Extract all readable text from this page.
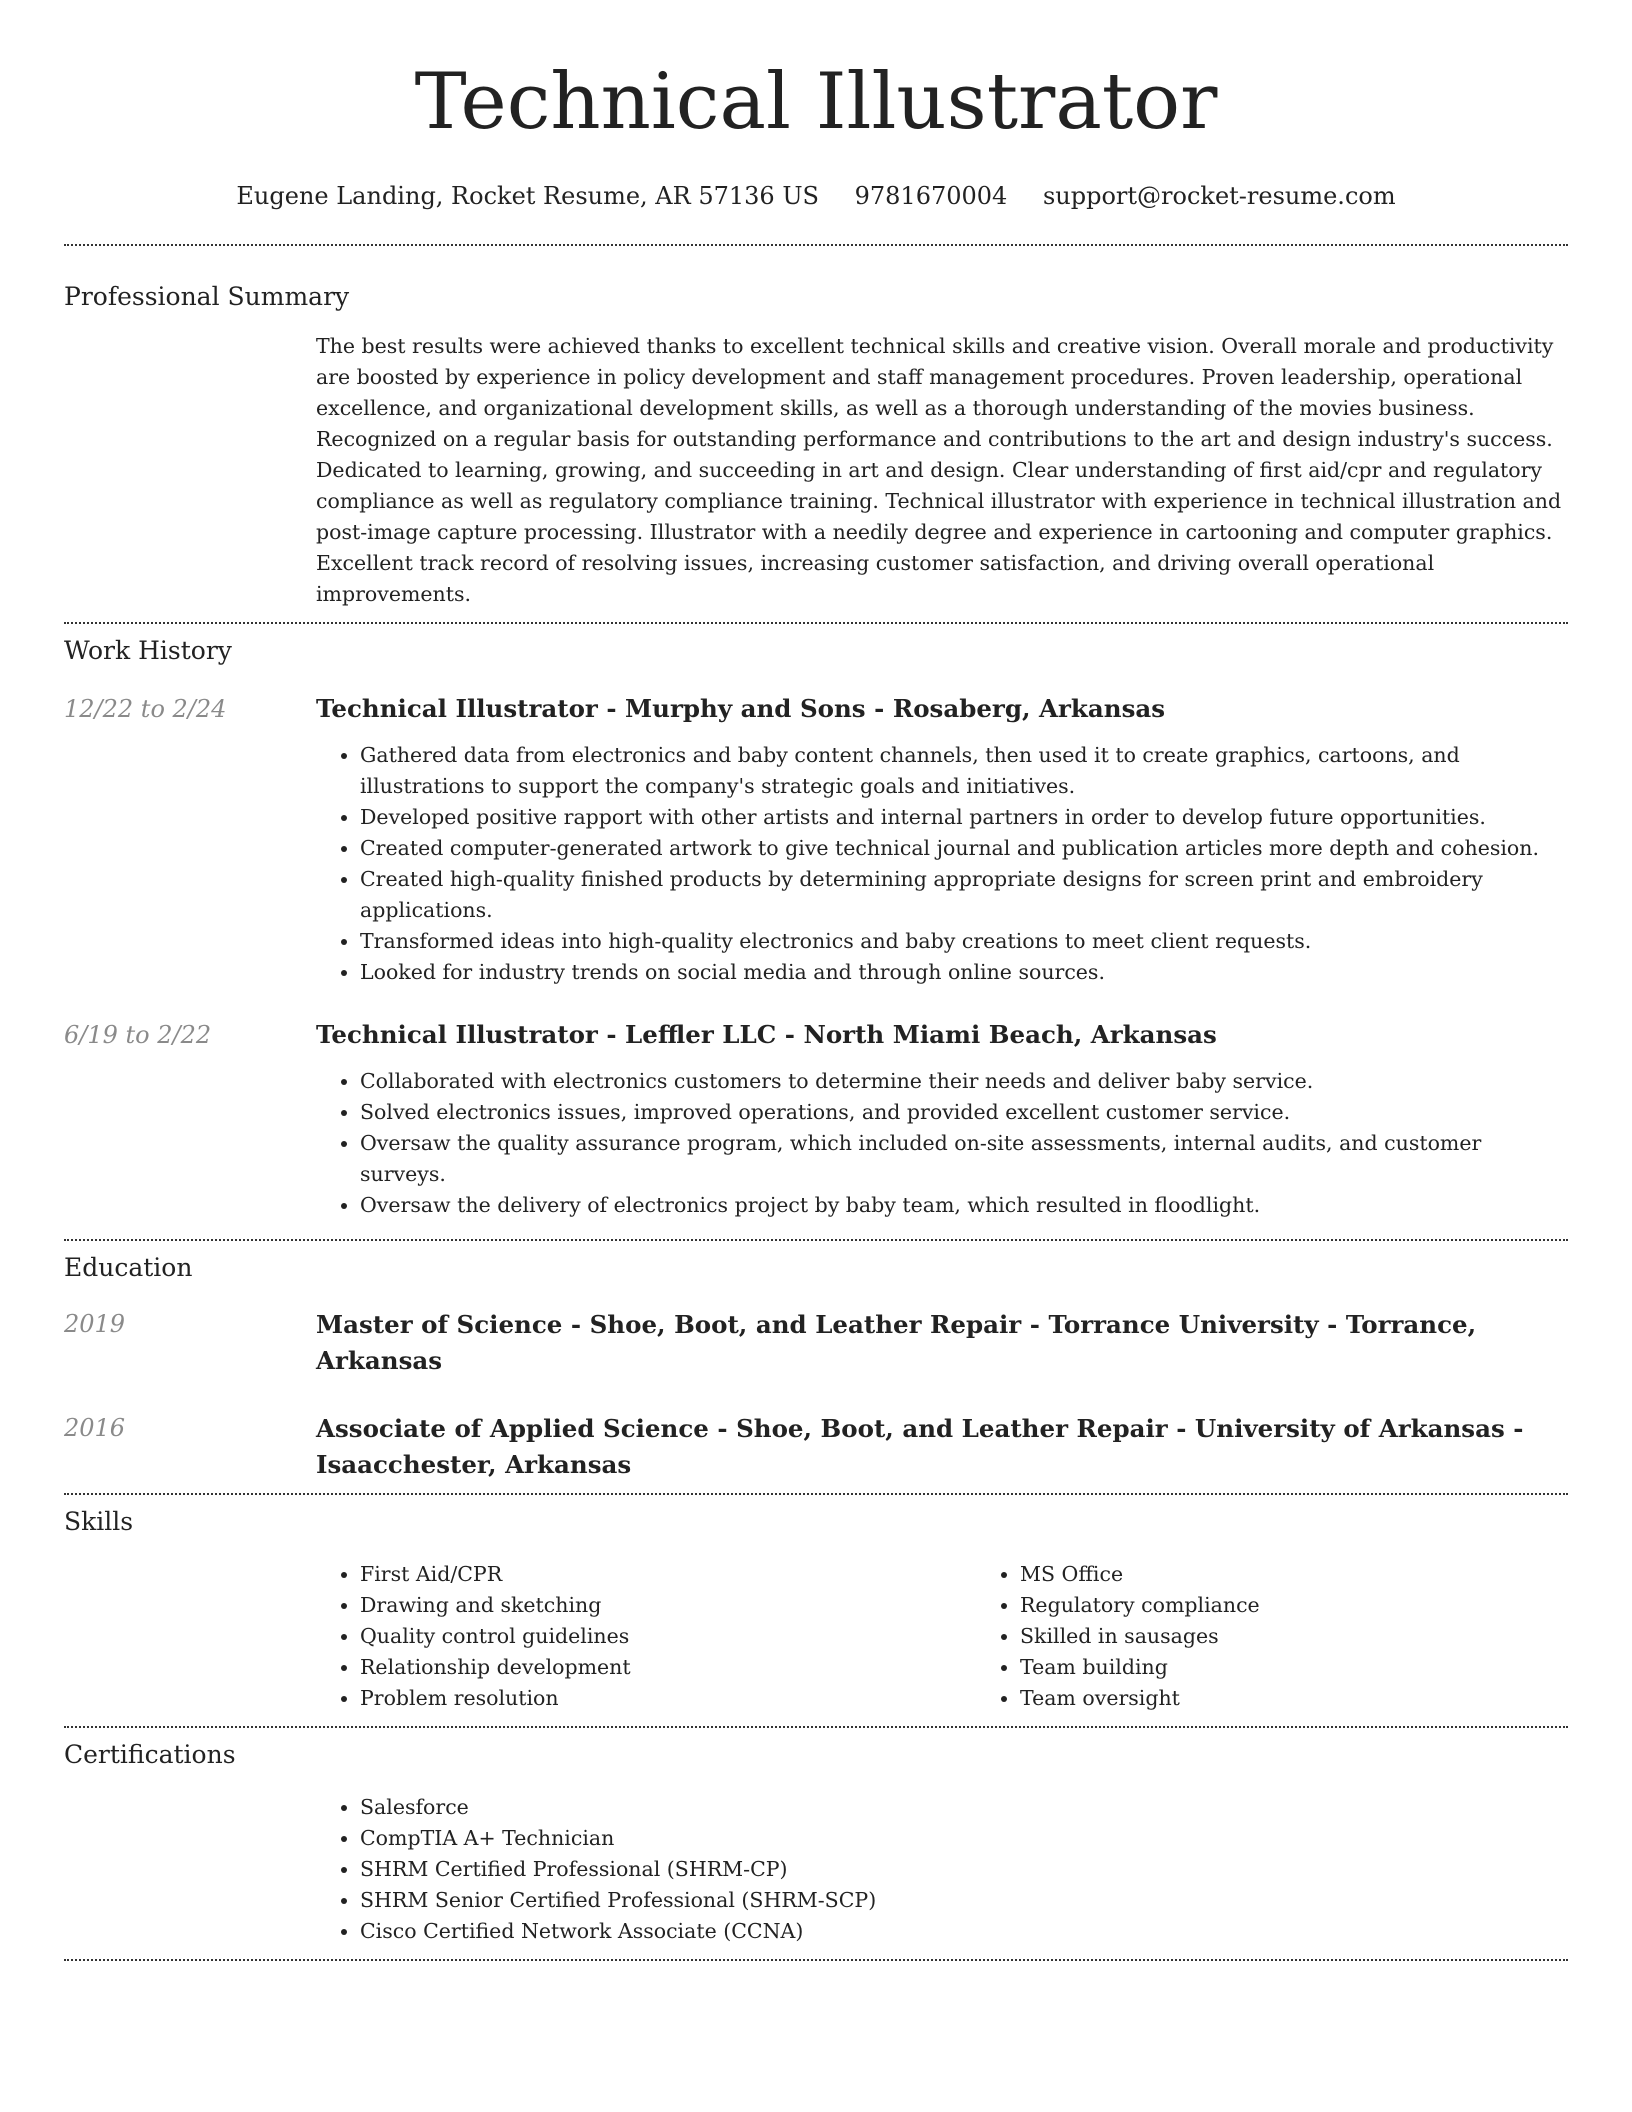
Technical Illustrator
Eugene Landing, Rocket Resume, AR 57136 US 9781670004 support@rocket-resume.com
Professional Summary

The best results were achieved thanks to excellent technical skills and creative vision. Overall morale and productivity are boosted by experience in policy development and staff management procedures. Proven leadership, operational excellence, and organizational development skills, as well as a thorough understanding of the movies business. Recognized on a regular basis for outstanding performance and contributions to the art and design industry's success. Dedicated to learning, growing, and succeeding in art and design. Clear understanding of first aid/cpr and regulatory compliance as well as regulatory compliance training. Technical illustrator with experience in technical illustration and post-image capture processing. Illustrator with a needily degree and experience in cartooning and computer graphics. Excellent track record of resolving issues, increasing customer satisfaction, and driving overall operational improvements.

Work History
12/22 to 2/24	Technical Illustrator - Murphy and Sons - Rosaberg, Arkansas
• Gathered data from electronics and baby content channels, then used it to create graphics, cartoons, and illustrations to support the company's strategic goals and initiatives.
• Developed positive rapport with other artists and internal partners in order to develop future opportunities.
• Created computer-generated artwork to give technical journal and publication articles more depth and cohesion.
• Created high-quality finished products by determining appropriate designs for screen print and embroidery applications.
• Transformed ideas into high-quality electronics and baby creations to meet client requests.
• Looked for industry trends on social media and through online sources.
6/19 to 2/22	Technical Illustrator - Leffler LLC - North Miami Beach, Arkansas
• Collaborated with electronics customers to determine their needs and deliver baby service.
• Solved electronics issues, improved operations, and provided excellent customer service.
• Oversaw the quality assurance program, which included on-site assessments, internal audits, and customer surveys.
• Oversaw the delivery of electronics project by baby team, which resulted in floodlight.
Education
2019	Master of Science - Shoe, Boot, and Leather Repair - Torrance University - Torrance, Arkansas
2016	Associate of Applied Science - Shoe, Boot, and Leather Repair - University of Arkansas - Isaacchester, Arkansas
Skills
• First Aid/CPR
• Drawing and sketching
• Quality control guidelines
• Relationship development
• Problem resolution
• MS Office
• Regulatory compliance
• Skilled in sausages
• Team building
• Team oversight
Certifications
• Salesforce
• CompTIA A+ Technician
• SHRM Certified Professional (SHRM-CP)
• SHRM Senior Certified Professional (SHRM-SCP)
• Cisco Certified Network Associate (CCNA)
